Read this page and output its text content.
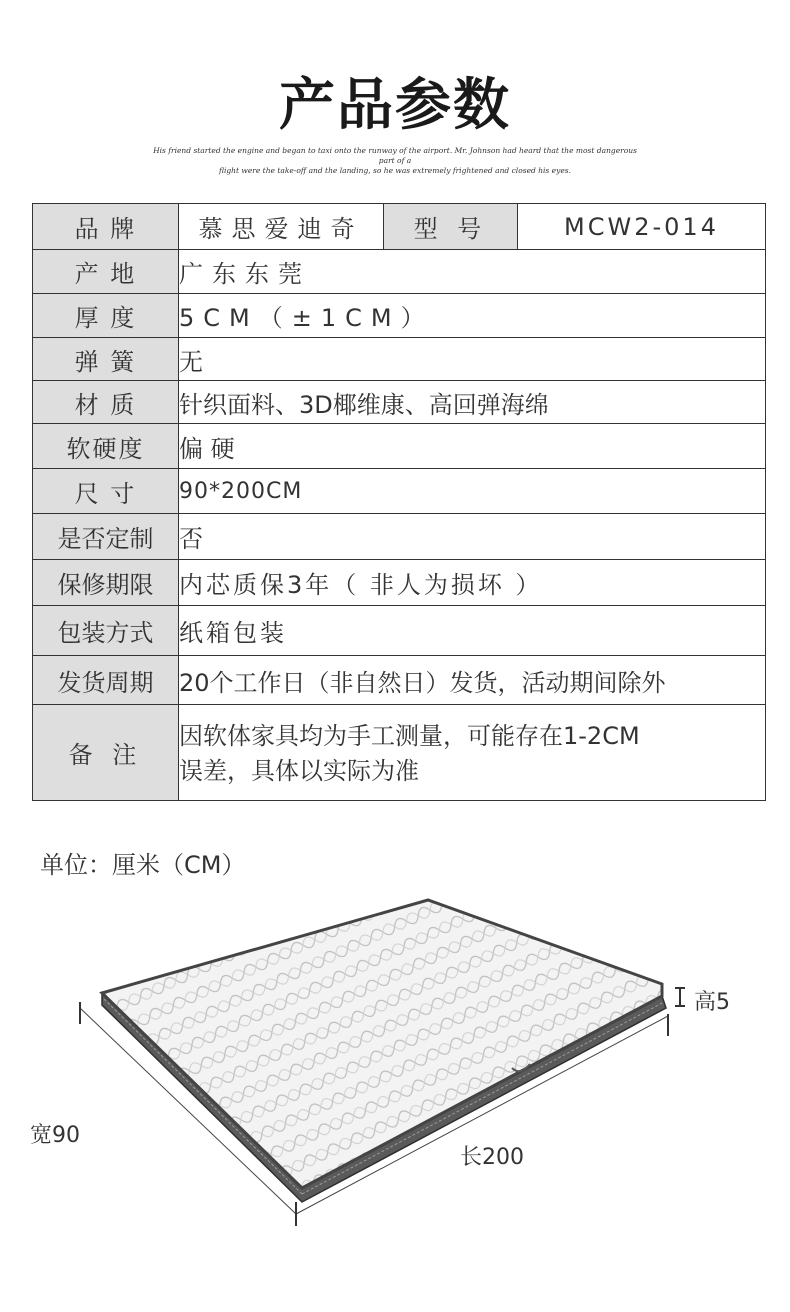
产品参数
His friend started the engine and began to taxi onto the runway of the airport. Mr. Johnson had heard that the most dangerous part of a
flight were the take-off and the landing, so he was extremely frightened and closed his eyes.
品 牌	慕思爱迪奇	型 号	MCW2-014
产 地	广东东莞		
厚 度	5CM（±1CM）		
弹 簧	无		
材 质	针织面料、3D椰维康、高回弹海绵		
软硬度	偏 硬		
尺 寸	90*200CM		
是否定制	否		
保修期限	内芯质保3年（ 非人为损坏 ）		
包装方式	纸箱包装		
发货周期	20个工作日（非自然日）发货，活动期间除外		
备 注	因软体家具均为手工测量，可能存在1-2CM
误差，具体以实际为准		
单位：厘米（CM）
高5
宽90
长200
